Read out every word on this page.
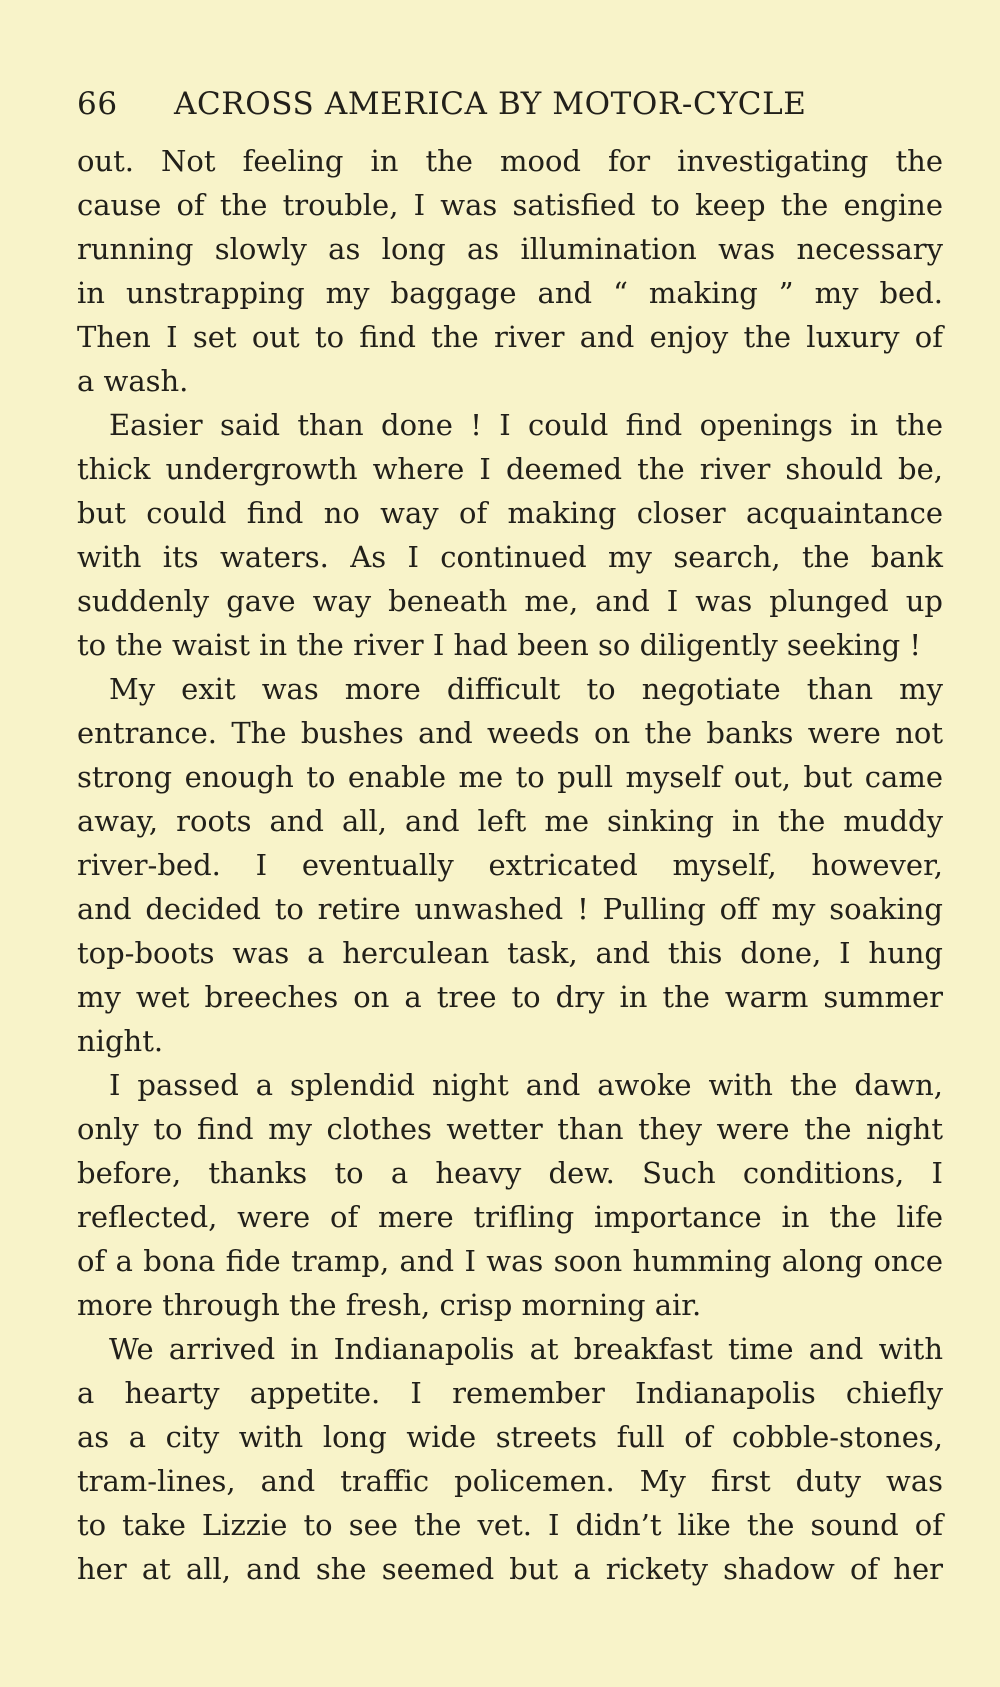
66	ACROSS AMERICA BY MOTOR-CYCLE
out. Not feeling in the mood for investigating the
cause of the trouble, I was satisfied to keep the engine
running slowly as long as illumination was necessary
in unstrapping my baggage and “ making ” my bed.
Then I set out to find the river and enjoy the luxury of
a wash.
Easier said than done ! I could find openings in the
thick undergrowth where I deemed the river should be,
but could find no way of making closer acquaintance
with its waters. As I continued my search, the bank
suddenly gave way beneath me, and I was plunged up
to the waist in the river I had been so diligently seeking !
My exit was more difficult to negotiate than my
entrance. The bushes and weeds on the banks were not
strong enough to enable me to pull myself out, but came
away, roots and all, and left me sinking in the muddy
river-bed. I eventually extricated myself, however,
and decided to retire unwashed ! Pulling off my soaking
top-boots was a herculean task, and this done, I hung
my wet breeches on a tree to dry in the warm summer
night.
I passed a splendid night and awoke with the dawn,
only to find my clothes wetter than they were the night
before, thanks to a heavy dew. Such conditions, I
reflected, were of mere trifling importance in the life
of a bona fide tramp, and I was soon humming along once
more through the fresh, crisp morning air.
We arrived in Indianapolis at breakfast time and with
a hearty appetite. I remember Indianapolis chiefly
as a city with long wide streets full of cobble-stones,
tram-lines, and traffic policemen. My first duty was
to take Lizzie to see the vet. I didn’t like the sound of
her at all, and she seemed but a rickety shadow of her
